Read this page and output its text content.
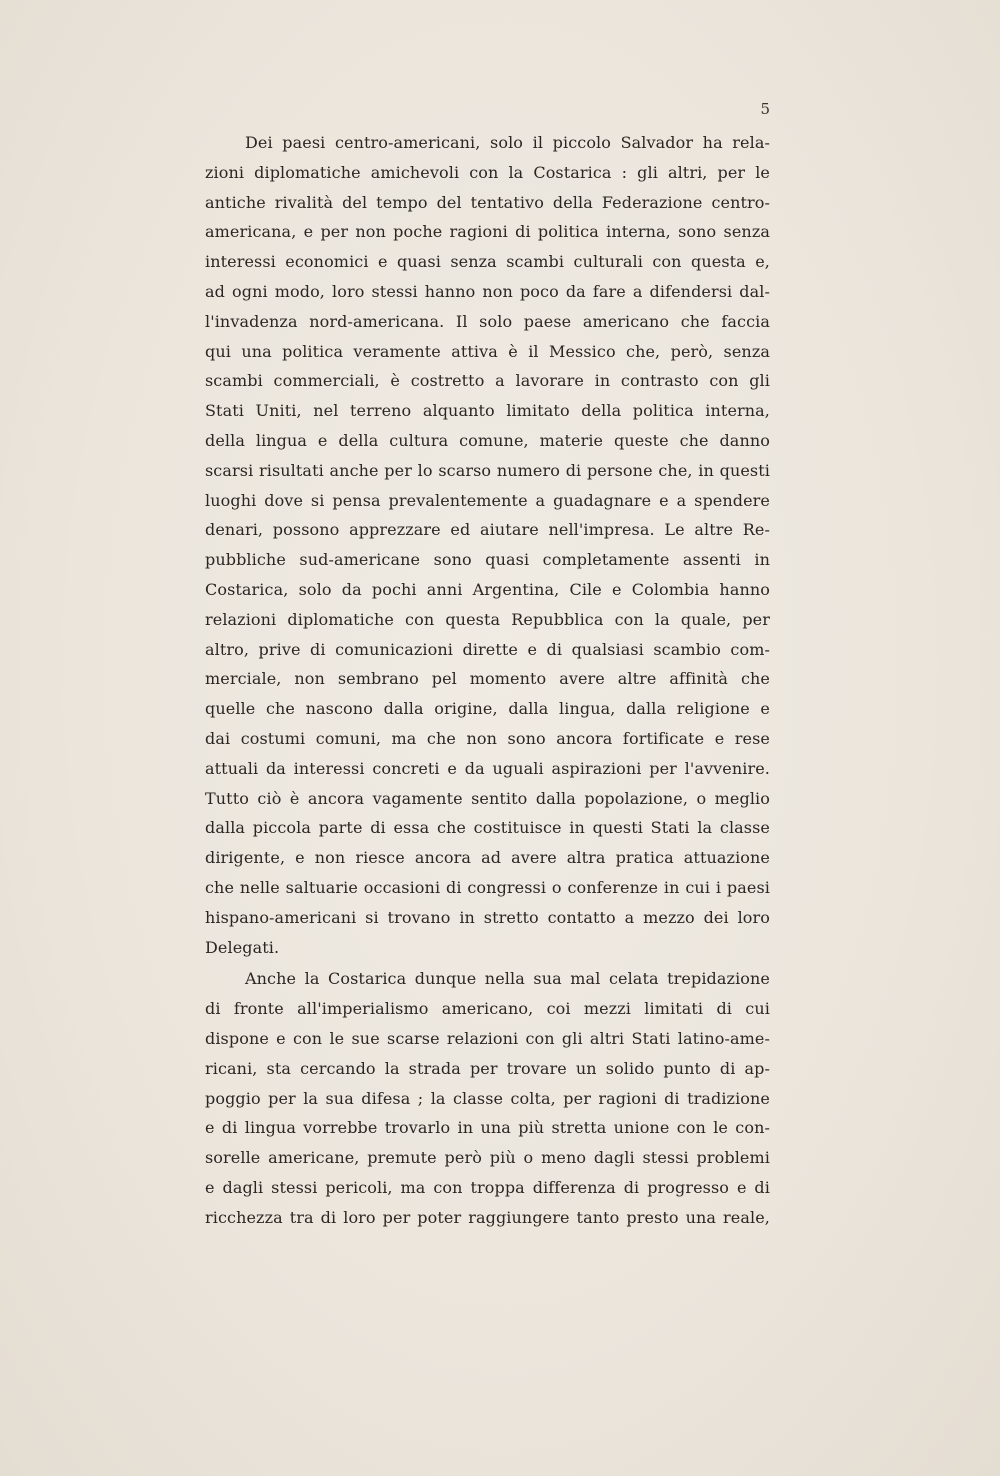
5
Dei paesi centro-americani, solo il piccolo Salvador ha rela-
zioni diplomatiche amichevoli con la Costarica : gli altri, per le
antiche rivalità del tempo del tentativo della Federazione centro-
americana, e per non poche ragioni di politica interna, sono senza
interessi economici e quasi senza scambi culturali con questa e,
ad ogni modo, loro stessi hanno non poco da fare a difendersi dal-
l'invadenza nord-americana. Il solo paese americano che faccia
qui una politica veramente attiva è il Messico che, però, senza
scambi commerciali, è costretto a lavorare in contrasto con gli
Stati Uniti, nel terreno alquanto limitato della politica interna,
della lingua e della cultura comune, materie queste che danno
scarsi risultati anche per lo scarso numero di persone che, in questi
luoghi dove si pensa prevalentemente a guadagnare e a spendere
denari, possono apprezzare ed aiutare nell'impresa. Le altre Re-
pubbliche sud-americane sono quasi completamente assenti in
Costarica, solo da pochi anni Argentina, Cile e Colombia hanno
relazioni diplomatiche con questa Repubblica con la quale, per
altro, prive di comunicazioni dirette e di qualsiasi scambio com-
merciale, non sembrano pel momento avere altre affinità che
quelle che nascono dalla origine, dalla lingua, dalla religione e
dai costumi comuni, ma che non sono ancora fortificate e rese
attuali da interessi concreti e da uguali aspirazioni per l'avvenire.
Tutto ciò è ancora vagamente sentito dalla popolazione, o meglio
dalla piccola parte di essa che costituisce in questi Stati la classe
dirigente, e non riesce ancora ad avere altra pratica attuazione
che nelle saltuarie occasioni di congressi o conferenze in cui i paesi
hispano-americani si trovano in stretto contatto a mezzo dei loro
Delegati.
Anche la Costarica dunque nella sua mal celata trepidazione
di fronte all'imperialismo americano, coi mezzi limitati di cui
dispone e con le sue scarse relazioni con gli altri Stati latino-ame-
ricani, sta cercando la strada per trovare un solido punto di ap-
poggio per la sua difesa ; la classe colta, per ragioni di tradizione
e di lingua vorrebbe trovarlo in una più stretta unione con le con-
sorelle americane, premute però più o meno dagli stessi problemi
e dagli stessi pericoli, ma con troppa differenza di progresso e di
ricchezza tra di loro per poter raggiungere tanto presto una reale,
